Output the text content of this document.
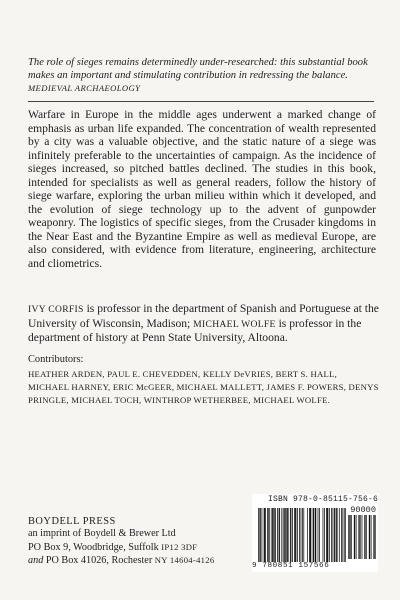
The role of sieges remains determinedly under-researched: this substantial book makes an important and stimulating contribution in redressing the balance.
MEDIEVAL ARCHAEOLOGY
Warfare in Europe in the middle ages underwent a marked change of emphasis as urban life expanded. The concentration of wealth represented by a city was a valuable objective, and the static nature of a siege was infinitely preferable to the uncertainties of campaign. As the incidence of sieges increased, so pitched battles declined. The studies in this book, intended for specialists as well as general readers, follow the history of siege warfare, exploring the urban milieu within which it developed, and the evolution of siege technology up to the advent of gunpowder weaponry. The logistics of specific sieges, from the Crusader kingdoms in the Near East and the Byzantine Empire as well as medieval Europe, are also considered, with evidence from literature, engineering, architecture and cliometrics.
IVY CORFIS is professor in the department of Spanish and Portuguese at the University of Wisconsin, Madison; MICHAEL WOLFE is professor in the department of history at Penn State University, Altoona.
Contributors:
HEATHER ARDEN, PAUL E. CHEVEDDEN, KELLY DeVRIES, BERT S. HALL, MICHAEL HARNEY, ERIC McGEER, MICHAEL MALLETT, JAMES F. POWERS, DENYS PRINGLE, MICHAEL TOCH, WINTHROP WETHERBEE, MICHAEL WOLFE.
BOYDELL PRESS
an imprint of Boydell & Brewer Ltd
PO Box 9, Woodbridge, Suffolk IP12 3DF
and PO Box 41026, Rochester NY 14604-4126
ISBN 978-0-85115-756-6
90000
9 780851 157566
